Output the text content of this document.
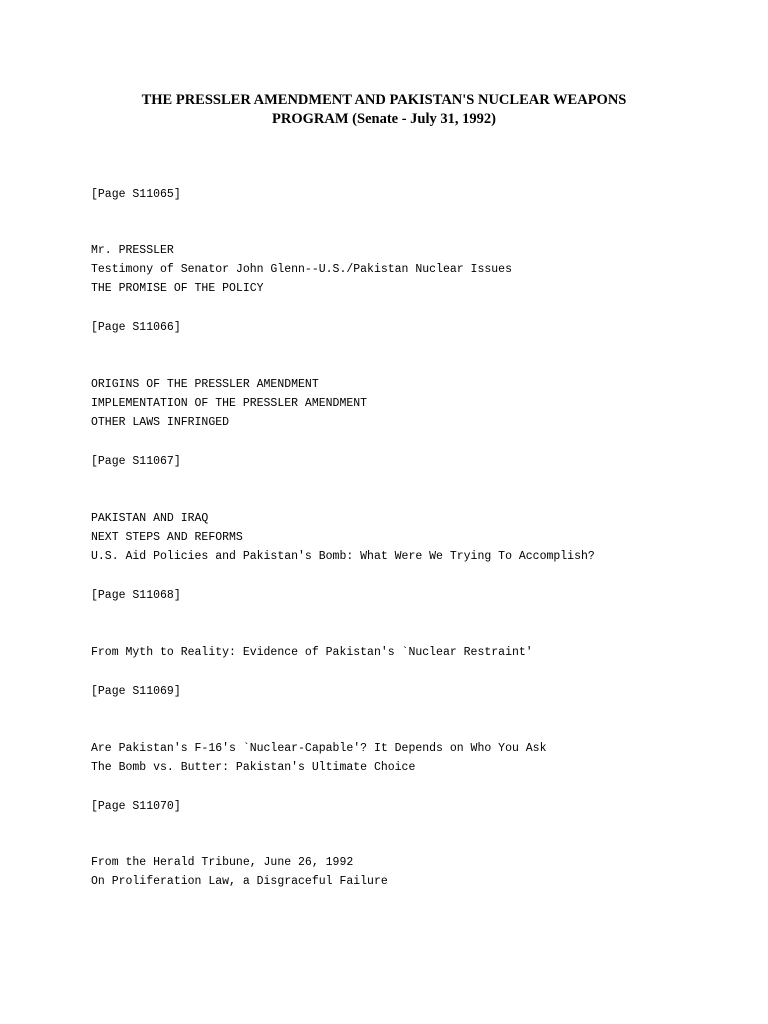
THE PRESSLER AMENDMENT AND PAKISTAN'S NUCLEAR WEAPONS
PROGRAM (Senate - July 31, 1992)
[Page S11065]
Mr. PRESSLER
Testimony of Senator John Glenn--U.S./Pakistan Nuclear Issues
THE PROMISE OF THE POLICY
[Page S11066]
ORIGINS OF THE PRESSLER AMENDMENT
IMPLEMENTATION OF THE PRESSLER AMENDMENT
OTHER LAWS INFRINGED
[Page S11067]
PAKISTAN AND IRAQ
NEXT STEPS AND REFORMS
U.S. Aid Policies and Pakistan's Bomb: What Were We Trying To Accomplish?
[Page S11068]
From Myth to Reality: Evidence of Pakistan's `Nuclear Restraint'
[Page S11069]
Are Pakistan's F-16's `Nuclear-Capable'? It Depends on Who You Ask
The Bomb vs. Butter: Pakistan's Ultimate Choice
[Page S11070]
From the Herald Tribune, June 26, 1992
On Proliferation Law, a Disgraceful Failure
